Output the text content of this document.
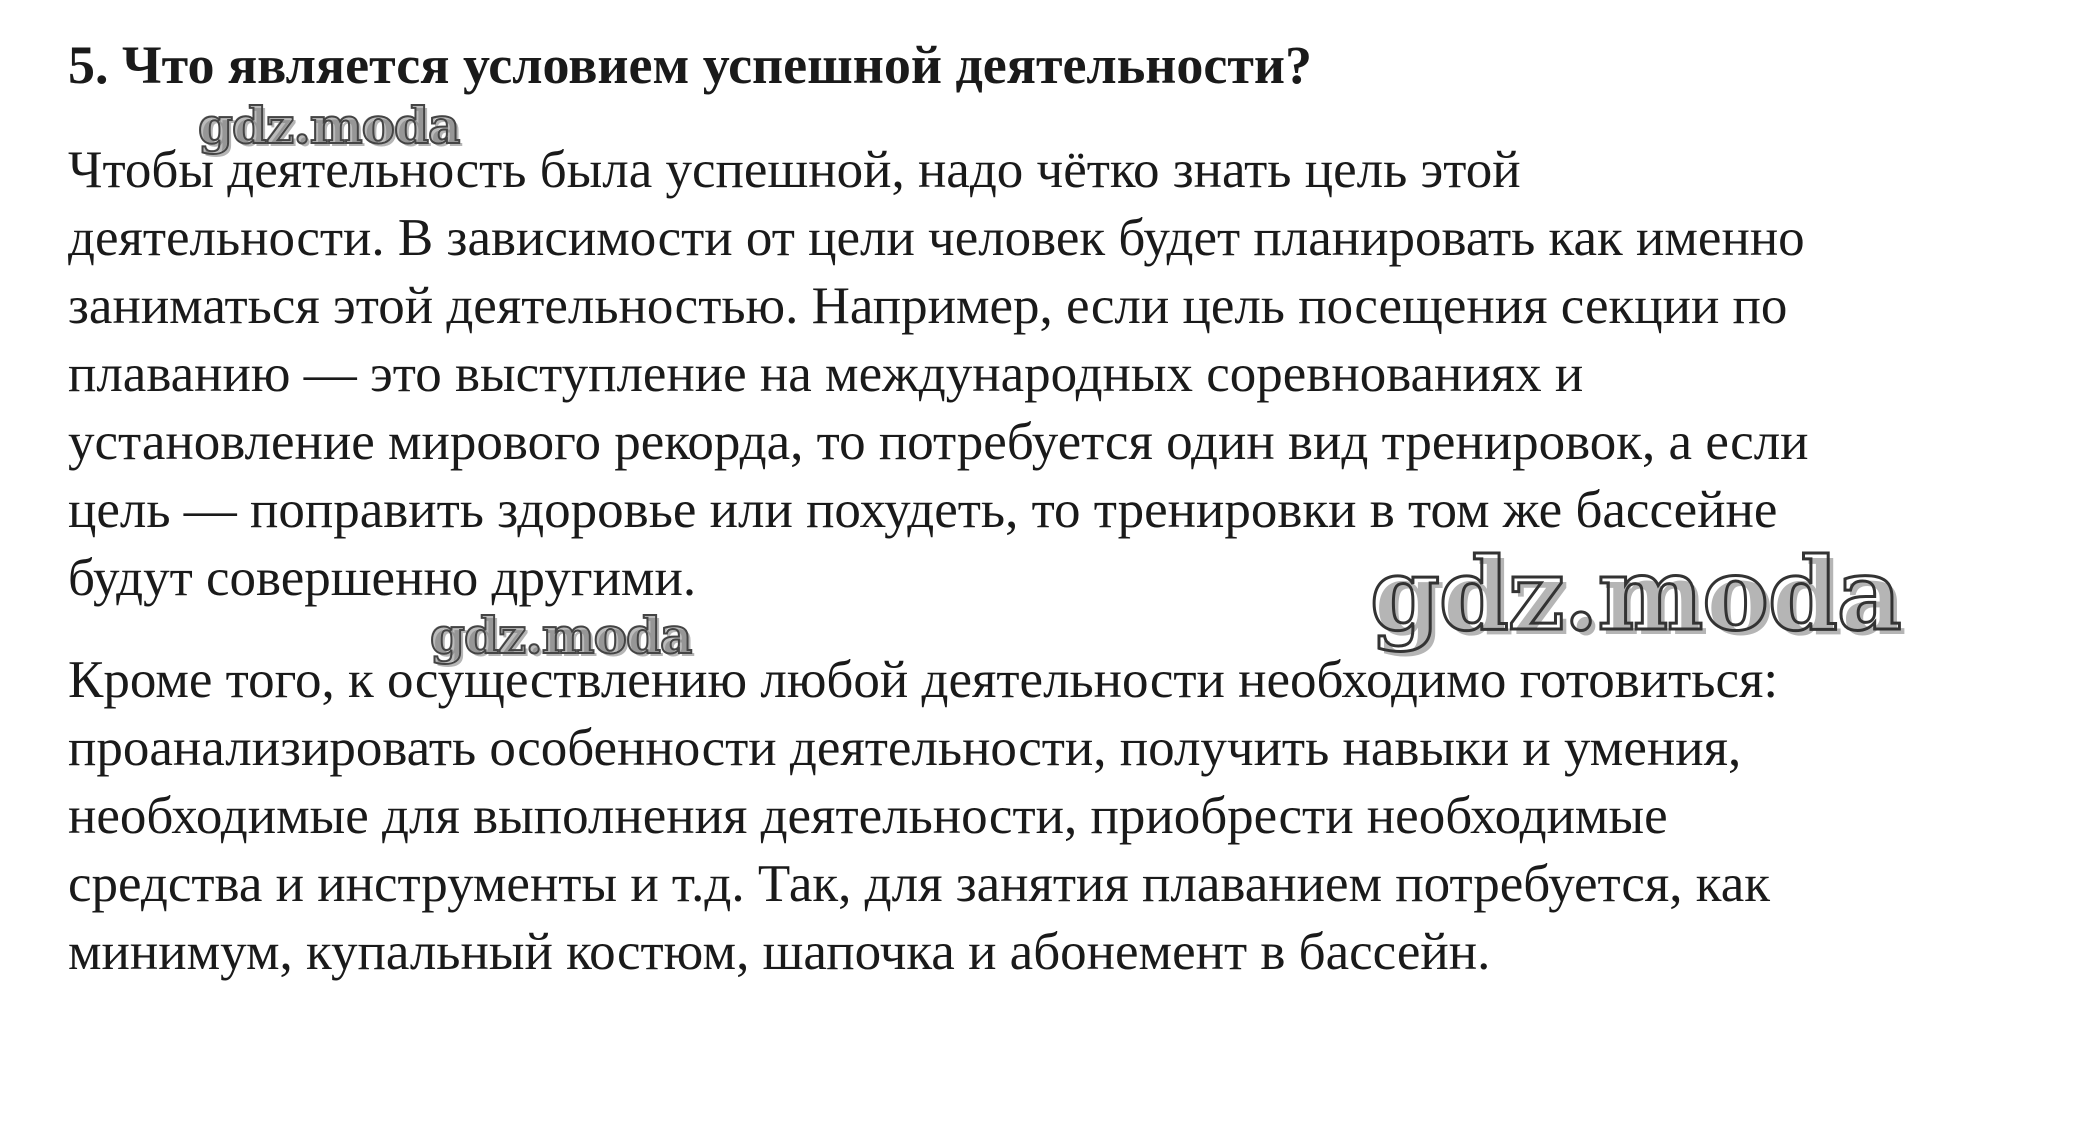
5. Что является условием успешной деятельности?
Чтобы деятельность была успешной, надо чётко знать цель этой
деятельности. В зависимости от цели человек будет планировать как именно
заниматься этой деятельностью. Например, если цель посещения секции по
плаванию — это выступление на международных соревнованиях и
установление мирового рекорда, то потребуется один вид тренировок, а если
цель — поправить здоровье или похудеть, то тренировки в том же бассейне
будут совершенно другими.
Кроме того, к осуществлению любой деятельности необходимо готовиться:
проанализировать особенности деятельности, получить навыки и умения,
необходимые для выполнения деятельности, приобрести необходимые
средства и инструменты и т.д. Так, для занятия плаванием потребуется, как
минимум, купальный костюм, шапочка и абонемент в бассейн.
gdz.moda
gdz.moda	gdz.moda
